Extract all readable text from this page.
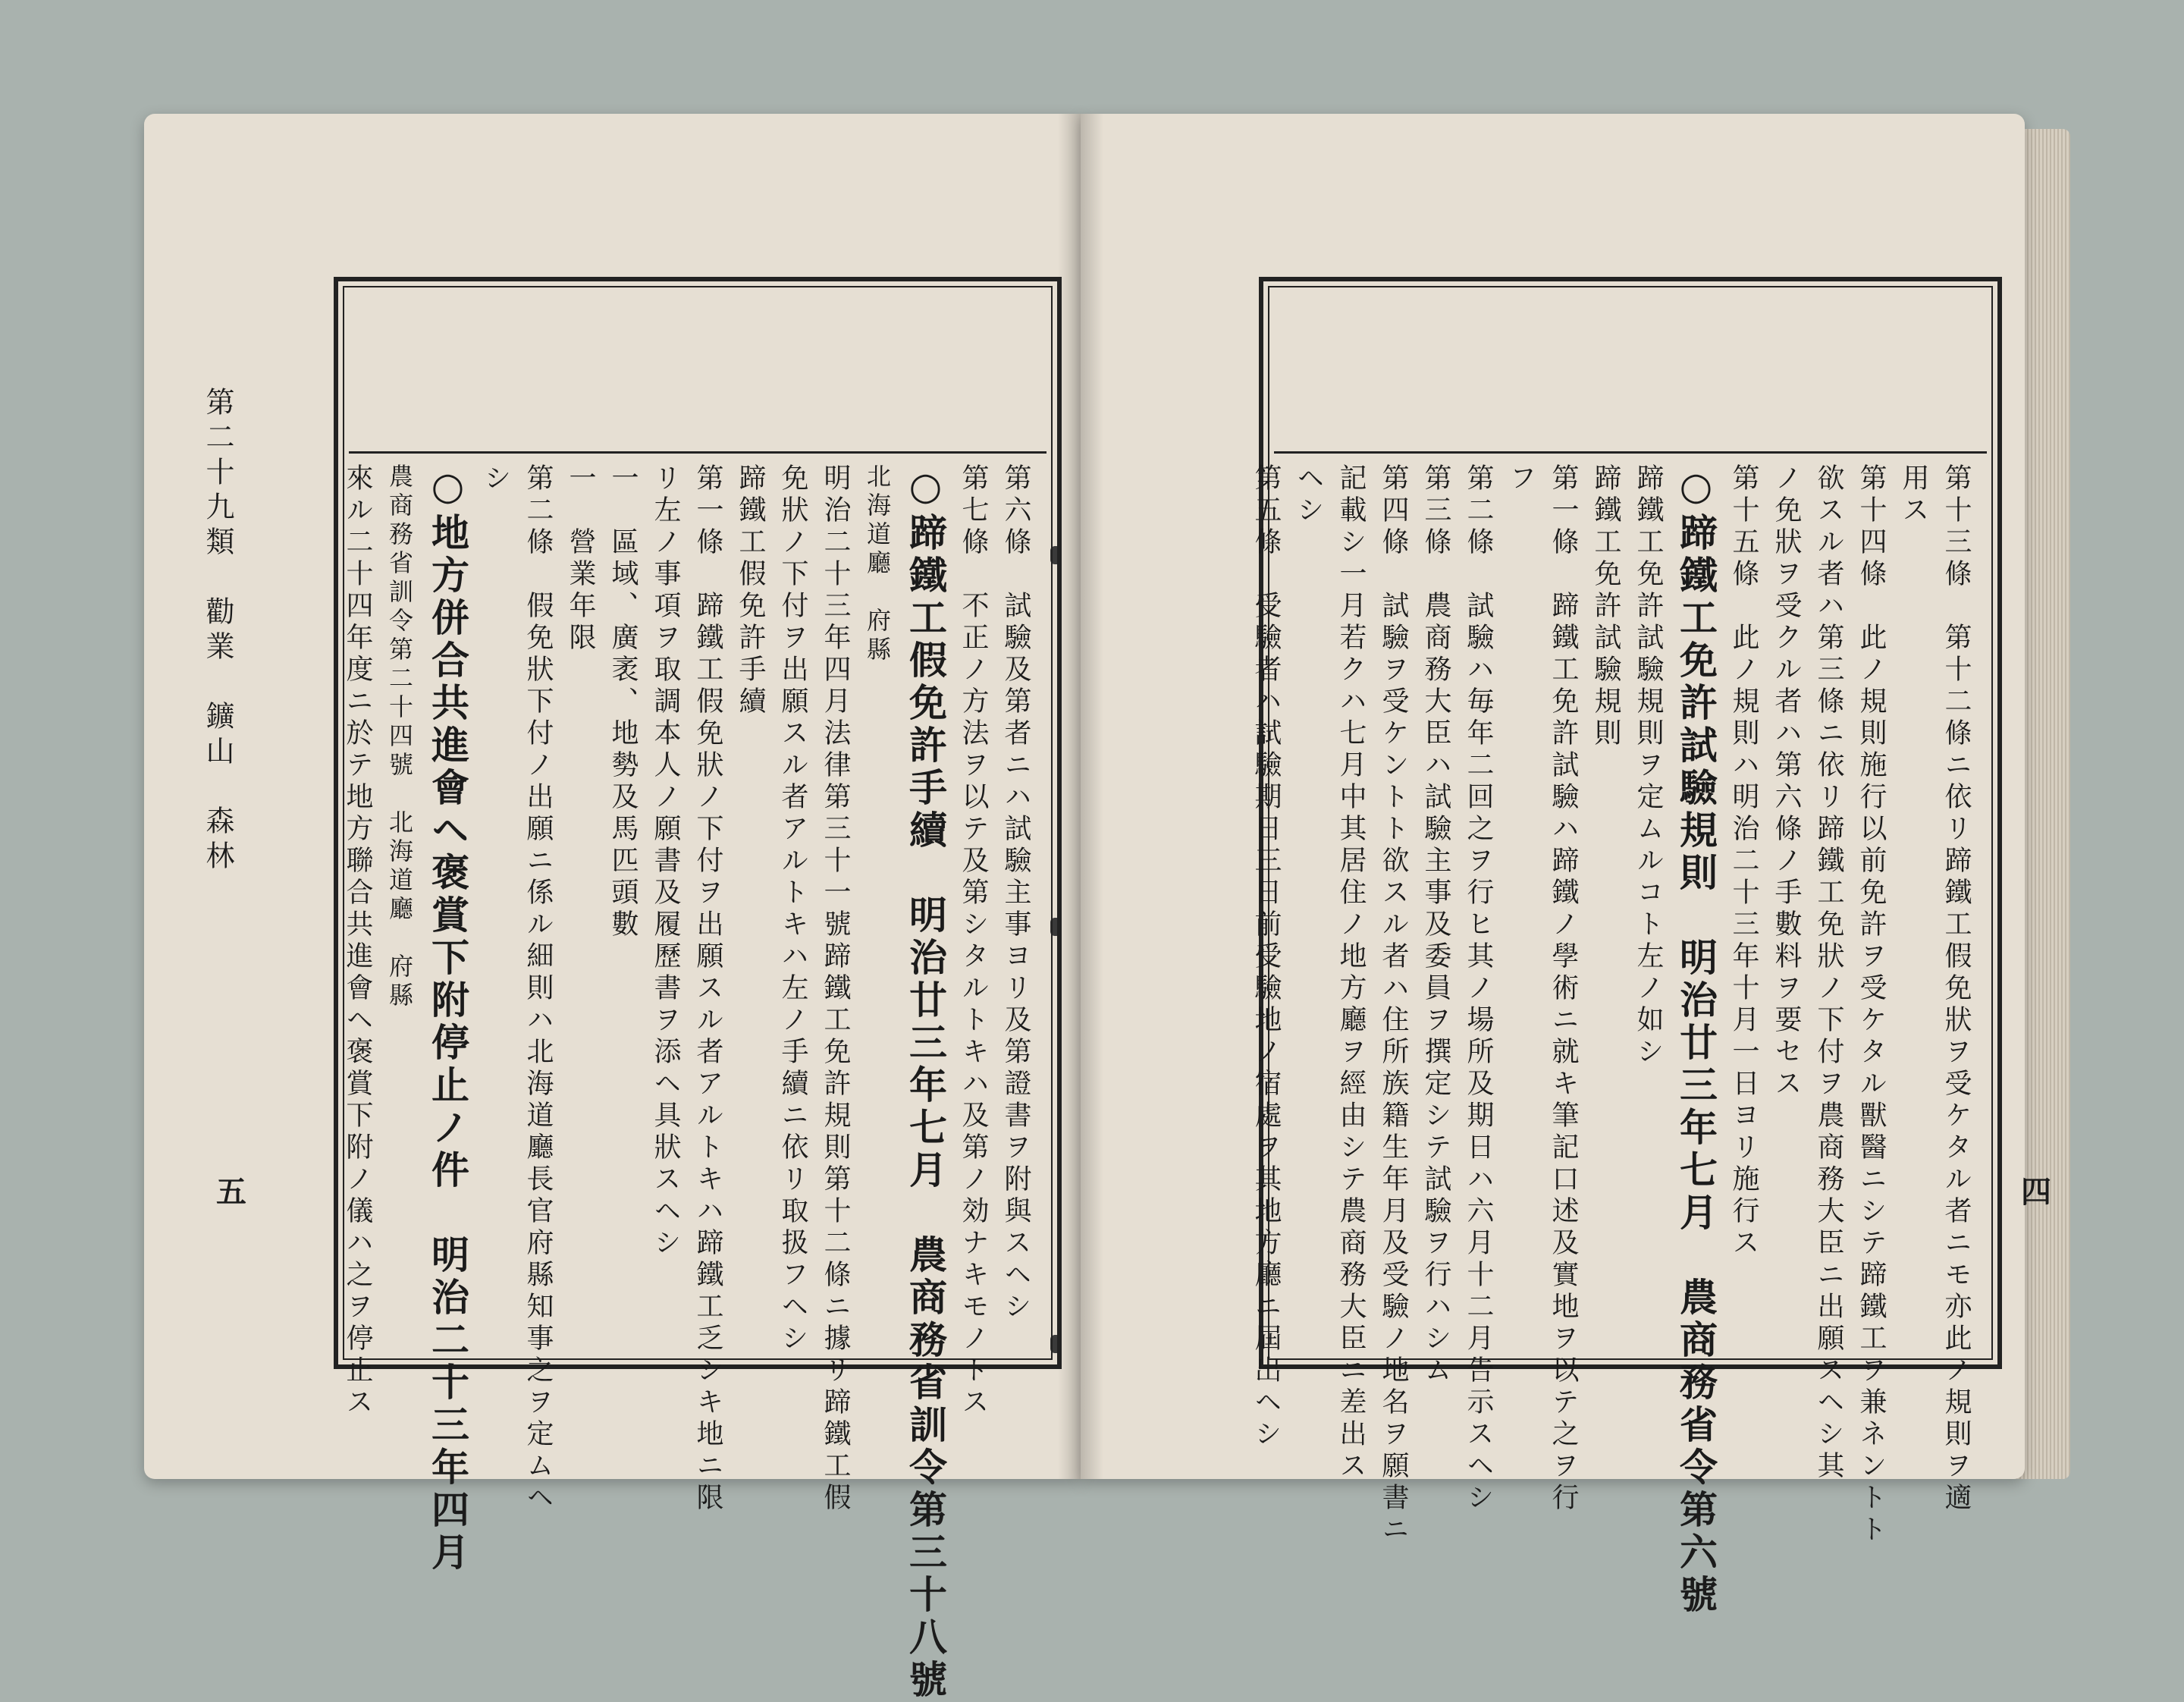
第二十九類　勸業　鑛山　森林
五	四

第六條　試驗及第者ニハ試驗主事ヨリ及第證書ヲ附與スヘシ

第七條　不正ノ方法ヲ以テ及第シタルトキハ及第ノ効ナキモノトス

○蹄鐵工假免許手續　明治廿三年七月　農商務省訓令第三十八號

北海道廳　府縣

明治二十三年四月法律第三十一號蹄鐵工免許規則第十二條ニ據リ蹄鐵工假

免狀ノ下付ヲ出願スル者アルトキハ左ノ手續ニ依リ取扱フヘシ

蹄鐵工假免許手續

第一條　蹄鐵工假免狀ノ下付ヲ出願スル者アルトキハ蹄鐵工乏シキ地ニ限

リ左ノ事項ヲ取調本人ノ願書及履歷書ヲ添ヘ具狀スヘシ

一　區域、廣袤、地勢及馬匹頭數

一　營業年限

第二條　假免狀下付ノ出願ニ係ル細則ハ北海道廳長官府縣知事之ヲ定ムヘ

シ

○地方併合共進會ヘ褒賞下附停止ノ件　明治二十三年四月

農商務省訓令第二十四號　北海道廳　府縣

來ル二十四年度ニ於テ地方聯合共進會ヘ褒賞下附ノ儀ハ之ヲ停止ス	第十三條　第十二條ニ依リ蹄鐵工假免狀ヲ受ケタル者ニモ亦此ノ規則ヲ適

用ス

第十四條　此ノ規則施行以前免許ヲ受ケタル獸醫ニシテ蹄鐵工ヲ兼ネントト

欲スル者ハ第三條ニ依リ蹄鐵工免狀ノ下付ヲ農商務大臣ニ出願スヘシ其

ノ免狀ヲ受クル者ハ第六條ノ手數料ヲ要セス

第十五條　此ノ規則ハ明治二十三年十月一日ヨリ施行ス

○蹄鐵工免許試驗規則　明治廿三年七月　農商務省令第六號

蹄鐵工免許試驗規則ヲ定ムルコト左ノ如シ

蹄鐵工免許試驗規則

第一條　蹄鐵工免許試驗ハ蹄鐵ノ學術ニ就キ筆記口述及實地ヲ以テ之ヲ行

フ

第二條　試驗ハ毎年二回之ヲ行ヒ其ノ場所及期日ハ六月十二月告示スヘシ

第三條　農商務大臣ハ試驗主事及委員ヲ撰定シテ試驗ヲ行ハシム

第四條　試驗ヲ受ケントト欲スル者ハ住所族籍生年月及受驗ノ地名ヲ願書ニ

記載シ一月若クハ七月中其居住ノ地方廳ヲ經由シテ農商務大臣ニ差出ス

ヘシ

第五條　受驗者ハ試驗期日三日前受驗地ノ宿處ヲ其地方廳ニ屆出ヘシ
